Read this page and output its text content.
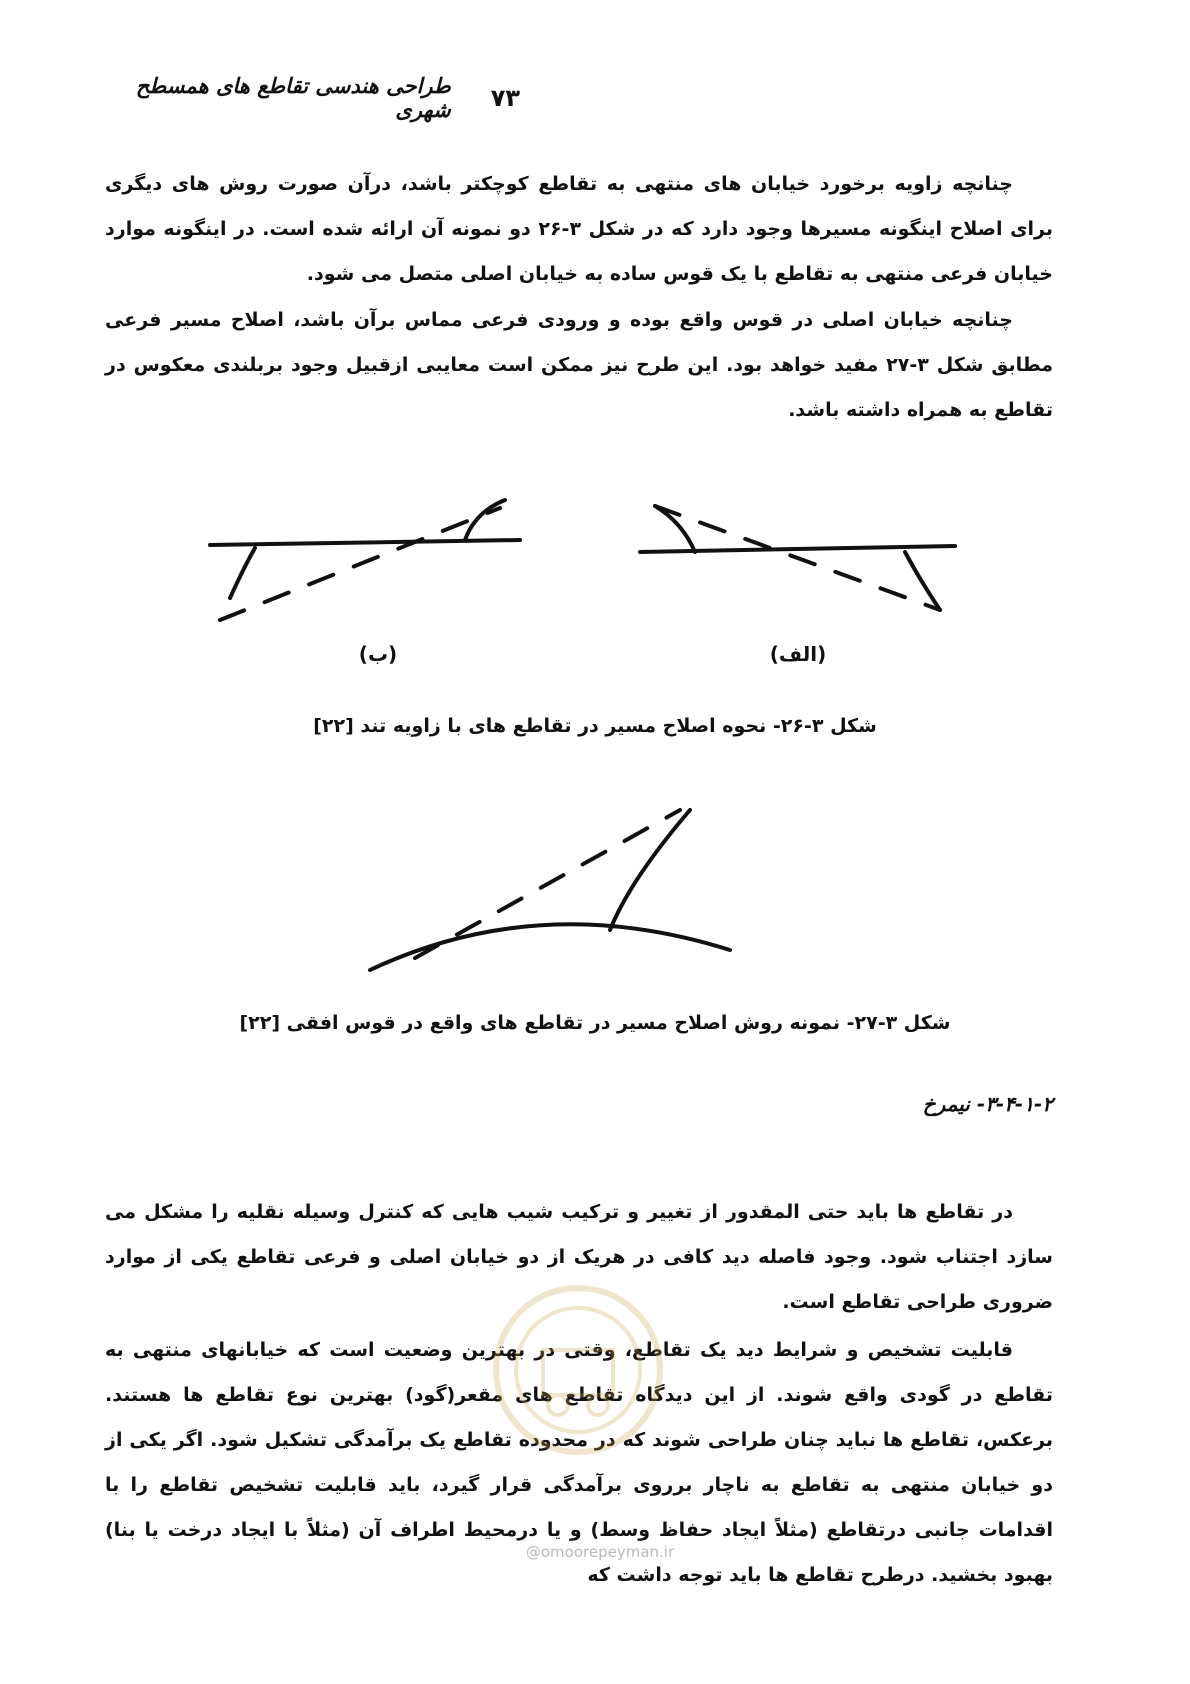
۷۳
طراحی هندسی تقاطع های همسطح شهری

چنانچه زاویه برخورد خیابان های منتهی به تقاطع کوچکتر باشد، درآن صورت روش های دیگری برای اصلاح اینگونه مسیرها وجود دارد که در شکل ۳-۲۶ دو نمونه آن ارائه شده است. در اینگونه موارد خیابان فرعی منتهی به تقاطع با یک قوس ساده به خیابان اصلی متصل می شود.

چنانچه خیابان اصلی در قوس واقع بوده و ورودی فرعی مماس برآن باشد، اصلاح مسیر فرعی مطابق شکل ۳-۲۷ مفید خواهد بود. این طرح نیز ممکن است معایبی ازقبیل وجود بربلندی معکوس در تقاطع به همراه داشته باشد.

(ب)	(الف)
شکل ۳-۲۶- نحوه اصلاح مسیر در تقاطع های با زاویه تند [۲۲]
شکل ۳-۲۷- نمونه روش اصلاح مسیر در تقاطع های واقع در قوس افقی [۲۲]
۳-۴-۱-۲- نیمرخ

در تقاطع ها باید حتی المقدور از تغییر و ترکیب شیب هایی که کنترل وسیله نقلیه را مشکل می سازد اجتناب شود. وجود فاصله دید کافی در هریک از دو خیابان اصلی و فرعی تقاطع یکی از موارد ضروری طراحی تقاطع است.

قابلیت تشخیص و شرایط دید یک تقاطع، وقتی در بهترین وضعیت است که خیابانهای منتهی به تقاطع در گودی واقع شوند. از این دیدگاه تقاطع های مقعر(گود) بهترین نوع تقاطع ها هستند. برعکس، تقاطع ها نباید چنان طراحی شوند که در محدوده تقاطع یک برآمدگی تشکیل شود. اگر یکی از دو خیابان منتهی به تقاطع به ناچار برروی برآمدگی قرار گیرد، باید قابلیت تشخیص تقاطع را با اقدامات جانبی درتقاطع (مثلاً ایجاد حفاظ وسط) و یا درمحیط اطراف آن (مثلاً با ایجاد درخت یا بنا) بهبود بخشید. درطرح تقاطع ها باید توجه داشت که

@omoorepeyman.ir
